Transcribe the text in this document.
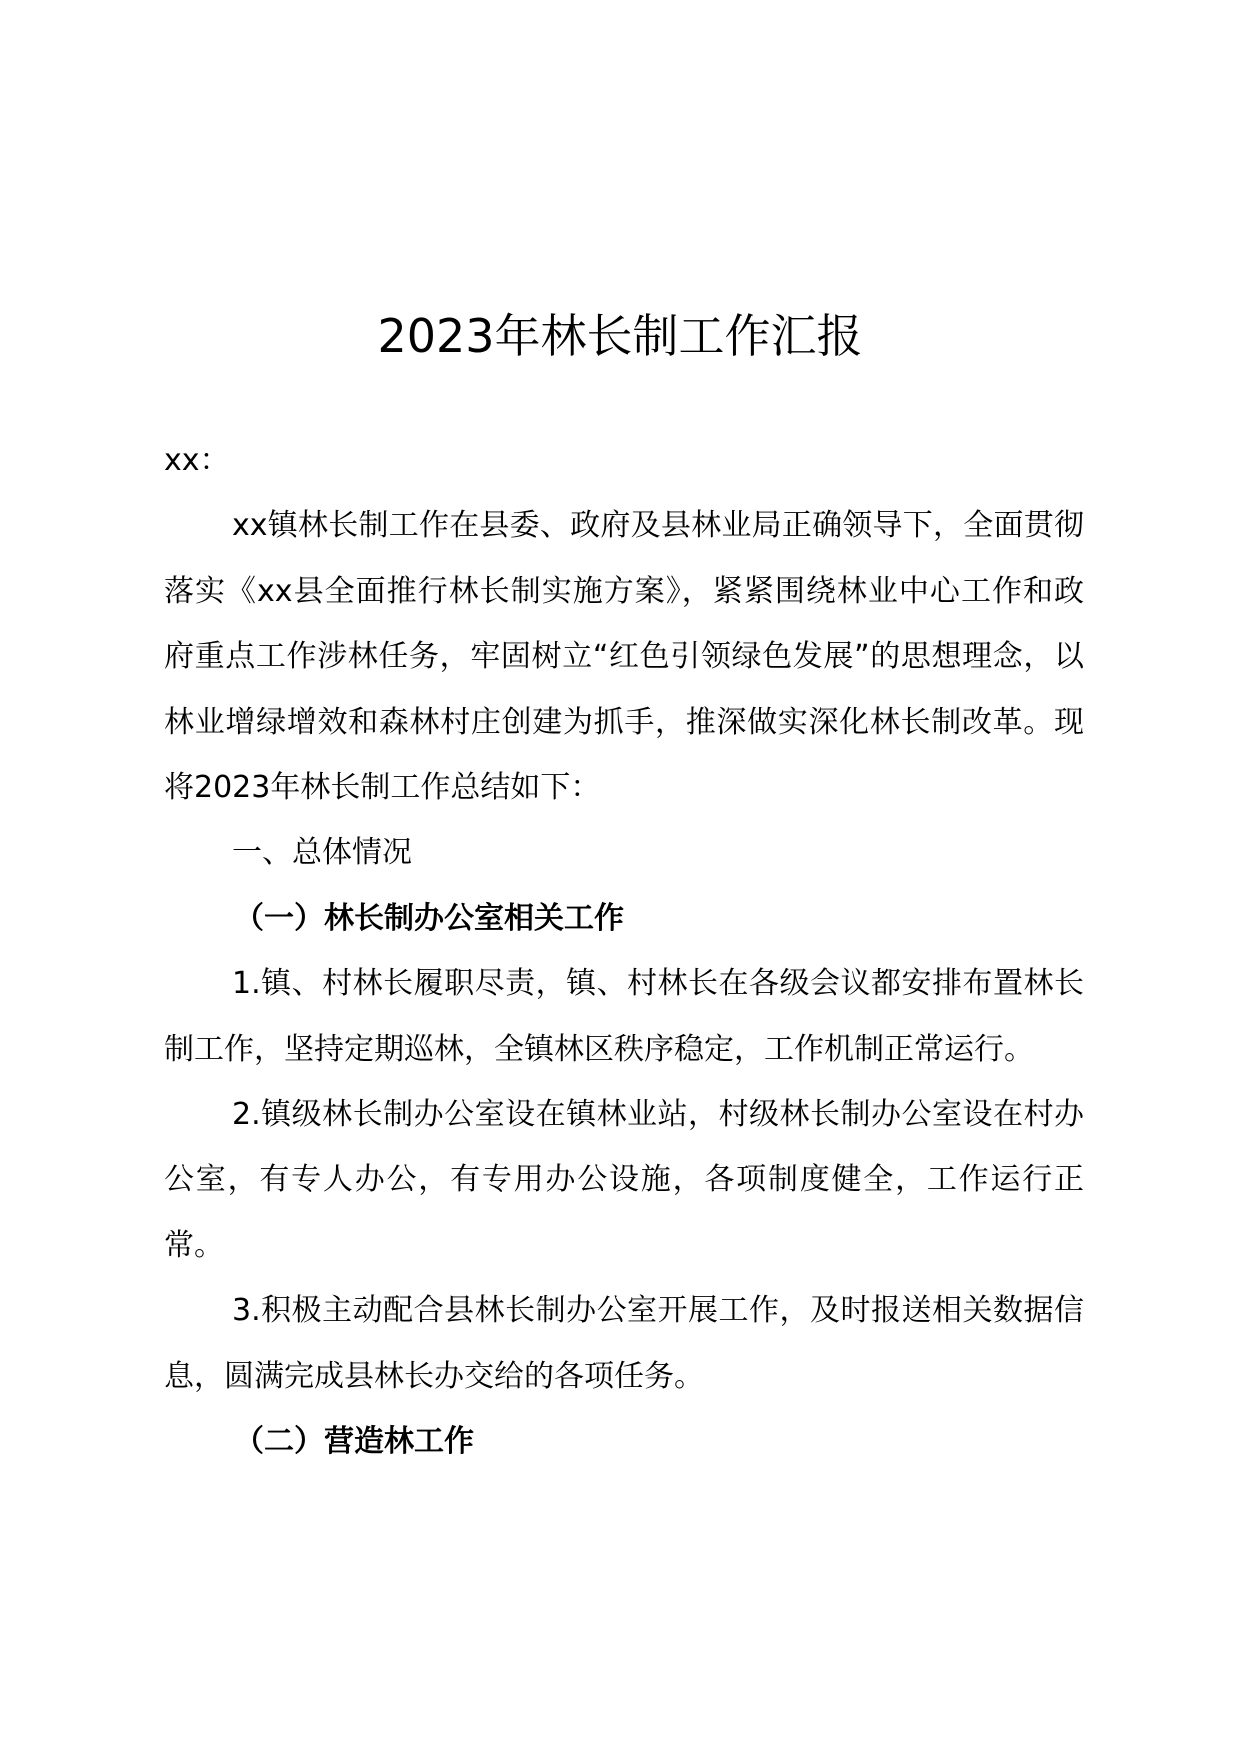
2023年林长制工作汇报

xx：

xx镇林长制工作在县委、政府及县林业局正确领导下，全面贯彻落实《xx县全面推行林长制实施方案》，紧紧围绕林业中心工作和政府重点工作涉林任务，牢固树立“红色引领绿色发展”的思想理念，以林业增绿增效和森林村庄创建为抓手，推深做实深化林长制改革。现将2023年林长制工作总结如下：

一、总体情况

（一）林长制办公室相关工作

1.镇、村林长履职尽责，镇、村林长在各级会议都安排布置林长制工作，坚持定期巡林，全镇林区秩序稳定，工作机制正常运行。

2.镇级林长制办公室设在镇林业站，村级林长制办公室设在村办公室，有专人办公，有专用办公设施，各项制度健全，工作运行正常。

3.积极主动配合县林长制办公室开展工作，及时报送相关数据信息，圆满完成县林长办交给的各项任务。

（二）营造林工作
